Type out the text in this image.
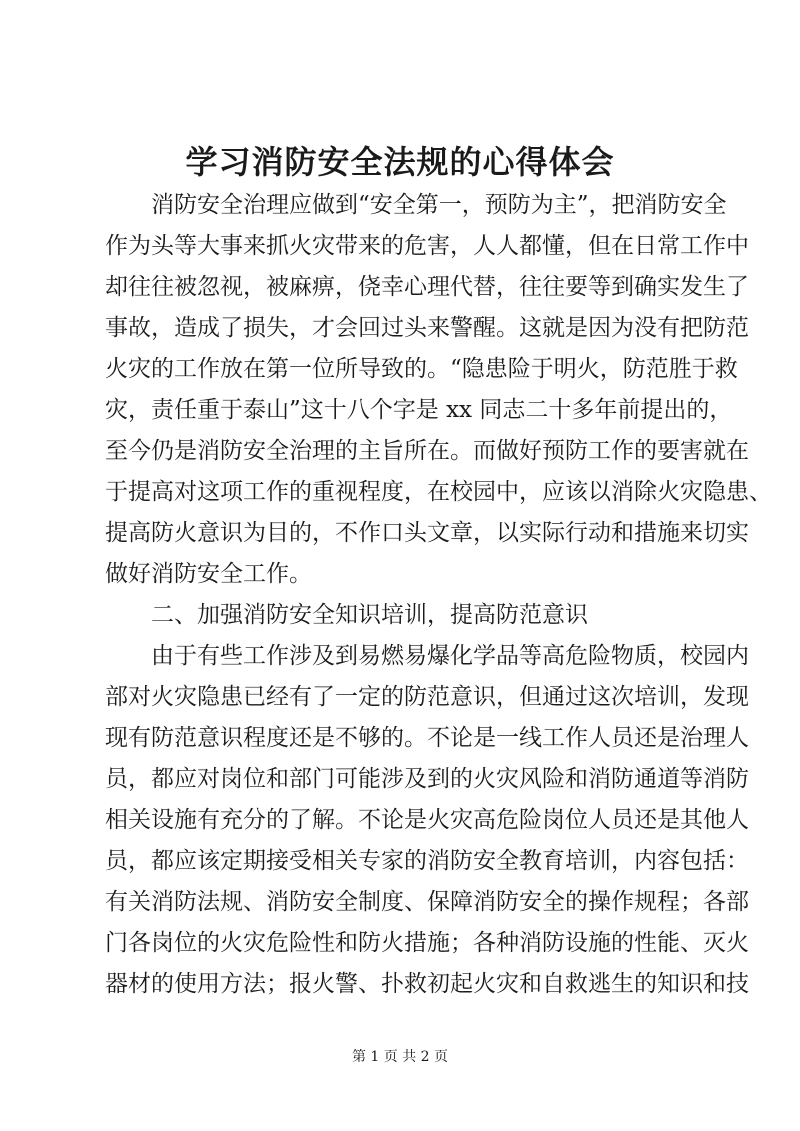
学习消防安全法规的心得体会
　　消防安全治理应做到“安全第一，预防为主”，把消防安全
作为头等大事来抓火灾带来的危害，人人都懂，但在日常工作中
却往往被忽视，被麻痹，侥幸心理代替，往往要等到确实发生了
事故，造成了损失，才会回过头来警醒。这就是因为没有把防范
火灾的工作放在第一位所导致的。“隐患险于明火，防范胜于救
灾，责任重于泰山”这十八个字是 xx 同志二十多年前提出的，
至今仍是消防安全治理的主旨所在。而做好预防工作的要害就在
于提高对这项工作的重视程度，在校园中，应该以消除火灾隐患、
提高防火意识为目的，不作口头文章，以实际行动和措施来切实
做好消防安全工作。
　　二、加强消防安全知识培训，提高防范意识
　　由于有些工作涉及到易燃易爆化学品等高危险物质，校园内
部对火灾隐患已经有了一定的防范意识，但通过这次培训，发现
现有防范意识程度还是不够的。不论是一线工作人员还是治理人
员，都应对岗位和部门可能涉及到的火灾风险和消防通道等消防
相关设施有充分的了解。不论是火灾高危险岗位人员还是其他人
员，都应该定期接受相关专家的消防安全教育培训，内容包括：
有关消防法规、消防安全制度、保障消防安全的操作规程；各部
门各岗位的火灾危险性和防火措施；各种消防设施的性能、灭火
器材的使用方法；报火警、扑救初起火灾和自救逃生的知识和技
第 1 页 共 2 页
